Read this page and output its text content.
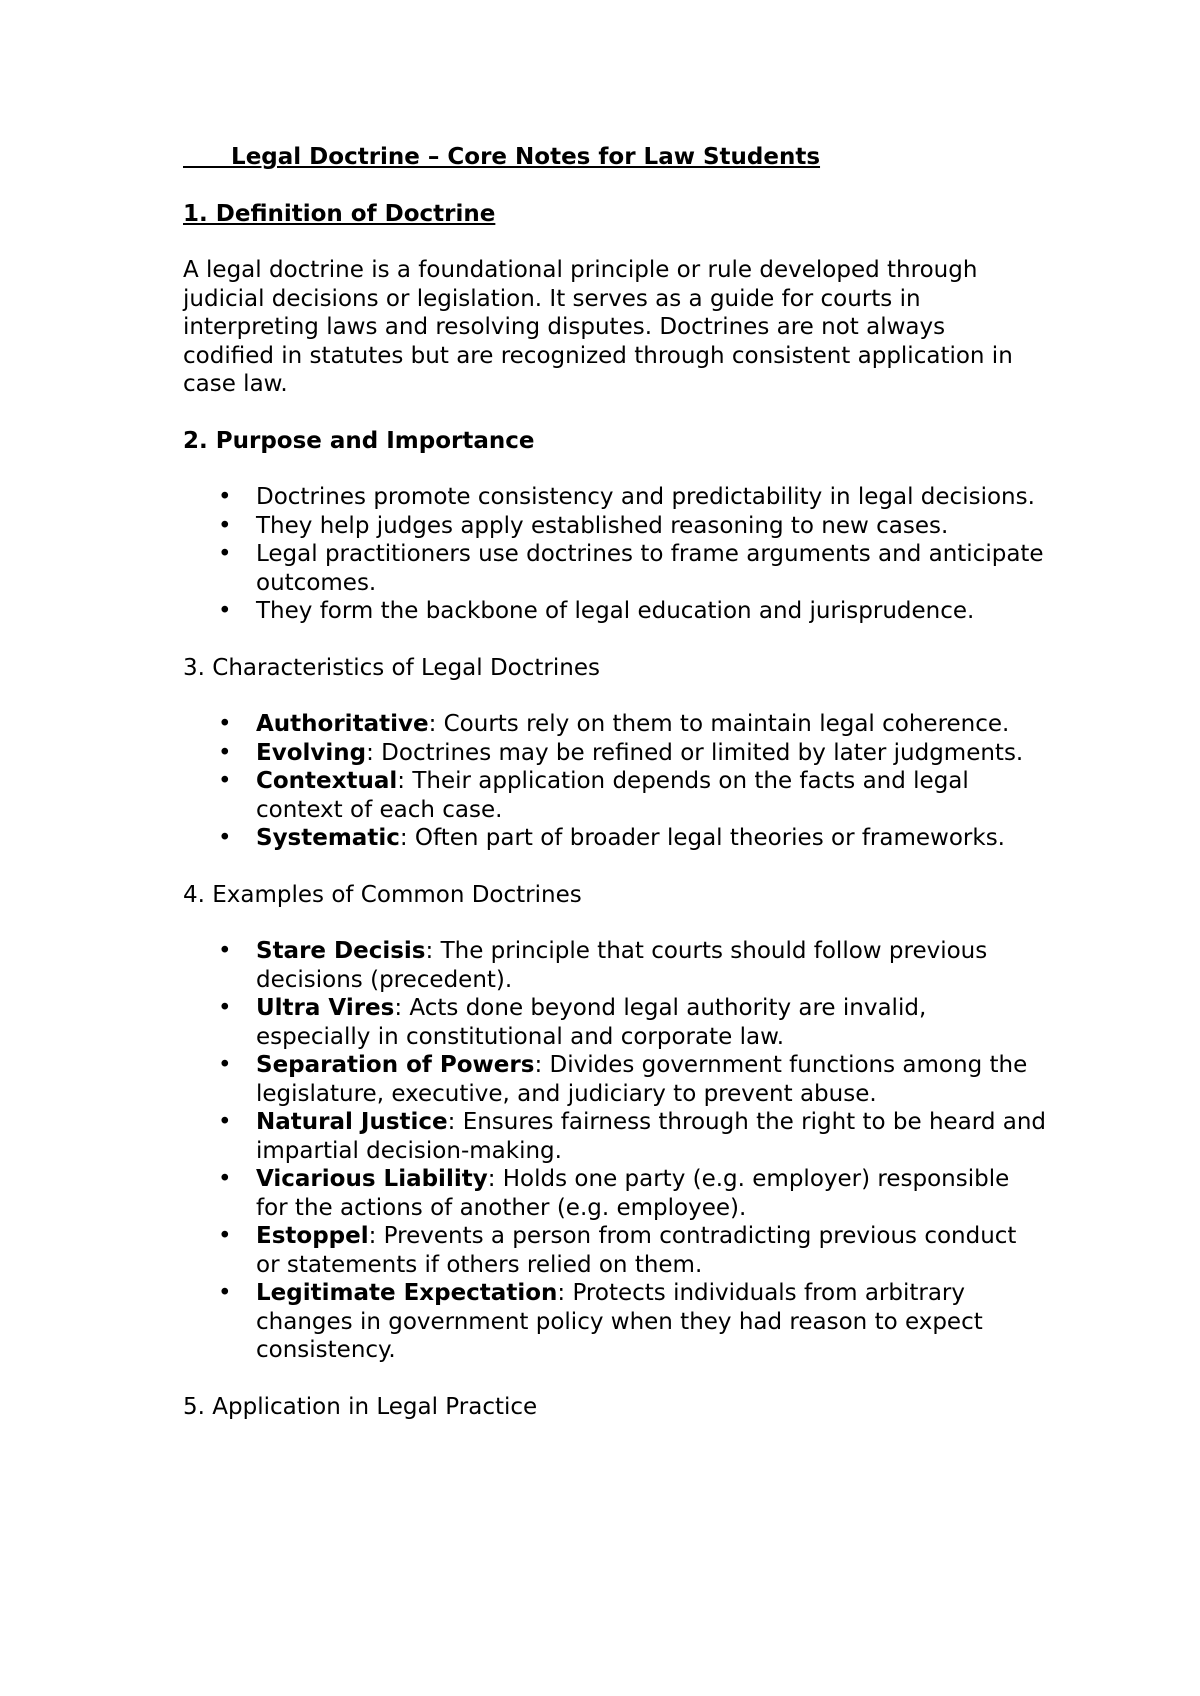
Legal Doctrine – Core Notes for Law Students

1. Definition of Doctrine

A legal doctrine is a foundational principle or rule developed through judicial decisions or legislation. It serves as a guide for courts in interpreting laws and resolving disputes. Doctrines are not always codified in statutes but are recognized through consistent application in case law.

2. Purpose and Importance

• Doctrines promote consistency and predictability in legal decisions.
• They help judges apply established reasoning to new cases.
• Legal practitioners use doctrines to frame arguments and anticipate outcomes.
• They form the backbone of legal education and jurisprudence.

3. Characteristics of Legal Doctrines

• Authoritative: Courts rely on them to maintain legal coherence.
• Evolving: Doctrines may be refined or limited by later judgments.
• Contextual: Their application depends on the facts and legal context of each case.
• Systematic: Often part of broader legal theories or frameworks.

4. Examples of Common Doctrines

• Stare Decisis: The principle that courts should follow previous decisions (precedent).
• Ultra Vires: Acts done beyond legal authority are invalid, especially in constitutional and corporate law.
• Separation of Powers: Divides government functions among the legislature, executive, and judiciary to prevent abuse.
• Natural Justice: Ensures fairness through the right to be heard and impartial decision-making.
• Vicarious Liability: Holds one party (e.g. employer) responsible for the actions of another (e.g. employee).
• Estoppel: Prevents a person from contradicting previous conduct or statements if others relied on them.
• Legitimate Expectation: Protects individuals from arbitrary changes in government policy when they had reason to expect consistency.

5. Application in Legal Practice
